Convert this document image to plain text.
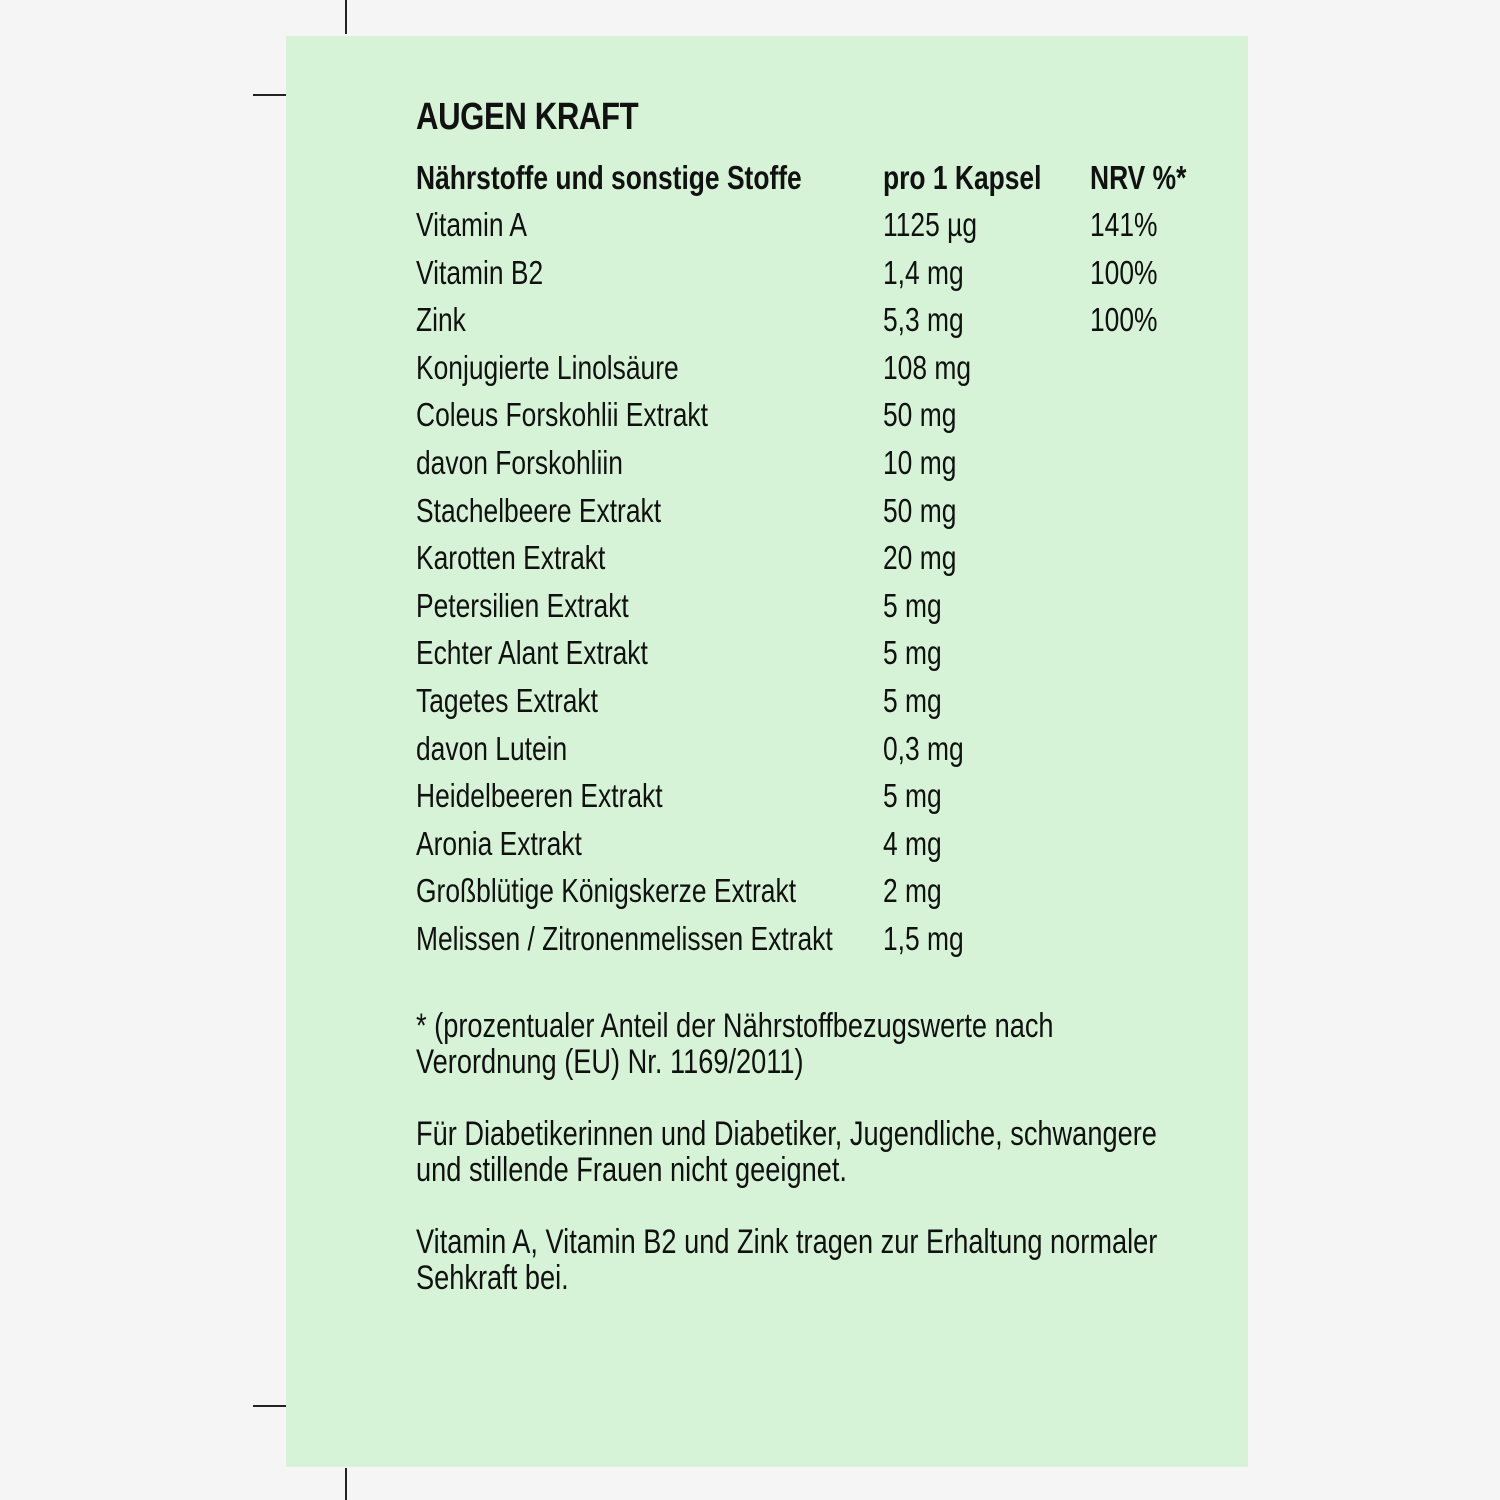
AUGEN KRAFT
Nährstoffe und sonstige Stoffe	pro 1 Kapsel	NRV %*
Vitamin A	1125 µg	141%
Vitamin B2	1,4 mg	100%
Zink	5,3 mg	100%
Konjugierte Linolsäure	108 mg	
Coleus Forskohlii Extrakt	50 mg	
davon Forskohliin	10 mg	
Stachelbeere Extrakt	50 mg	
Karotten Extrakt	20 mg	
Petersilien Extrakt	5 mg	
Echter Alant Extrakt	5 mg	
Tagetes Extrakt	5 mg	
davon Lutein	0,3 mg	
Heidelbeeren Extrakt	5 mg	
Aronia Extrakt	4 mg	
Großblütige Königskerze Extrakt	2 mg	
Melissen / Zitronenmelissen Extrakt	1,5 mg	

* (prozentualer Anteil der Nährstoffbezugswerte nach Verordnung (EU) Nr. 1169/2011)

Für Diabetikerinnen und Diabetiker, Jugendliche, schwangere und stillende Frauen nicht geeignet.

Vitamin A, Vitamin B2 und Zink tragen zur Erhaltung normaler Sehkraft bei.
